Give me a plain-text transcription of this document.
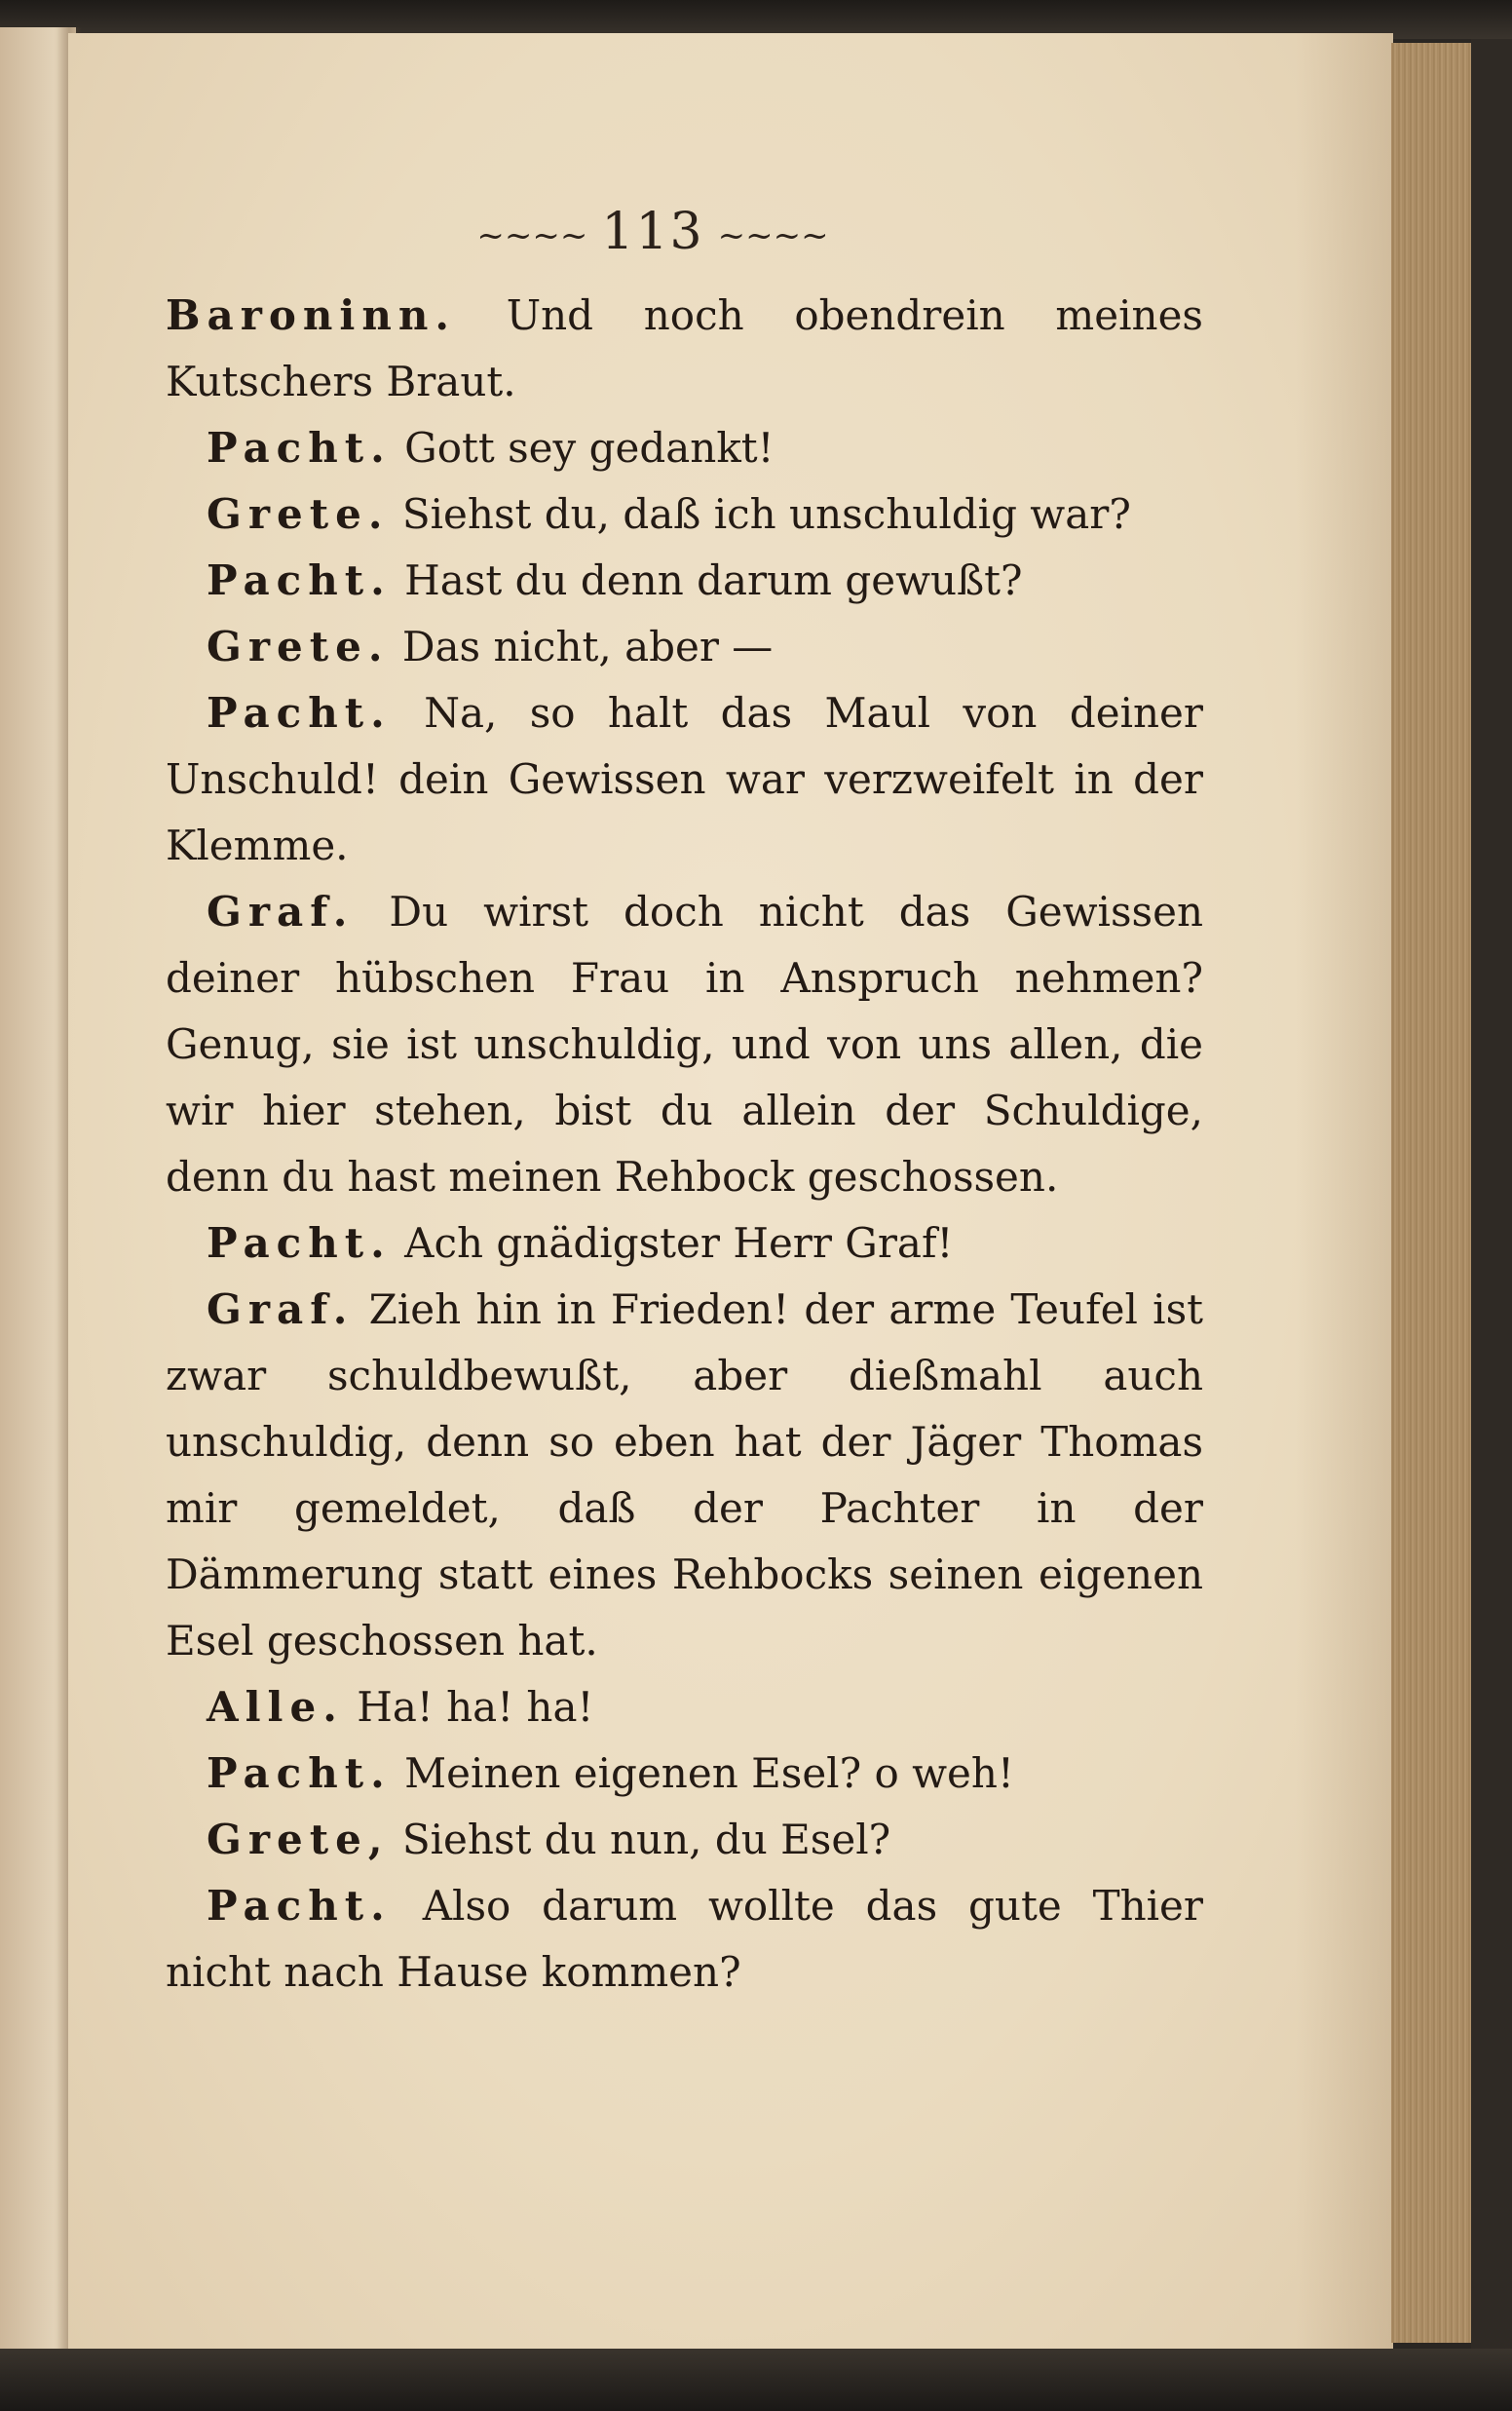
~~~~ 113 ~~~~

Baroninn. Und noch obendrein meines Kutschers Braut.

Pacht. Gott sey gedankt!

Grete. Siehst du, daß ich unschuldig war?

Pacht. Hast du denn darum gewußt?

Grete. Das nicht, aber —

Pacht. Na, so halt das Maul von deiner Unschuld! dein Gewissen war verzweifelt in der Klemme.

Graf. Du wirst doch nicht das Gewissen deiner hübschen Frau in Anspruch nehmen? Genug, sie ist unschuldig, und von uns allen, die wir hier stehen, bist du allein der Schuldige, denn du hast meinen Rehbock geschossen.

Pacht. Ach gnädigster Herr Graf!

Graf. Zieh hin in Frieden! der arme Teufel ist zwar schuldbewußt, aber dießmahl auch unschuldig, denn so eben hat der Jäger Thomas mir gemeldet, daß der Pachter in der Dämmerung statt eines Rehbocks seinen eigenen Esel geschossen hat.

Alle. Ha! ha! ha!

Pacht. Meinen eigenen Esel? o weh!

Grete, Siehst du nun, du Esel?

Pacht. Also darum wollte das gute Thier nicht nach Hause kommen?
